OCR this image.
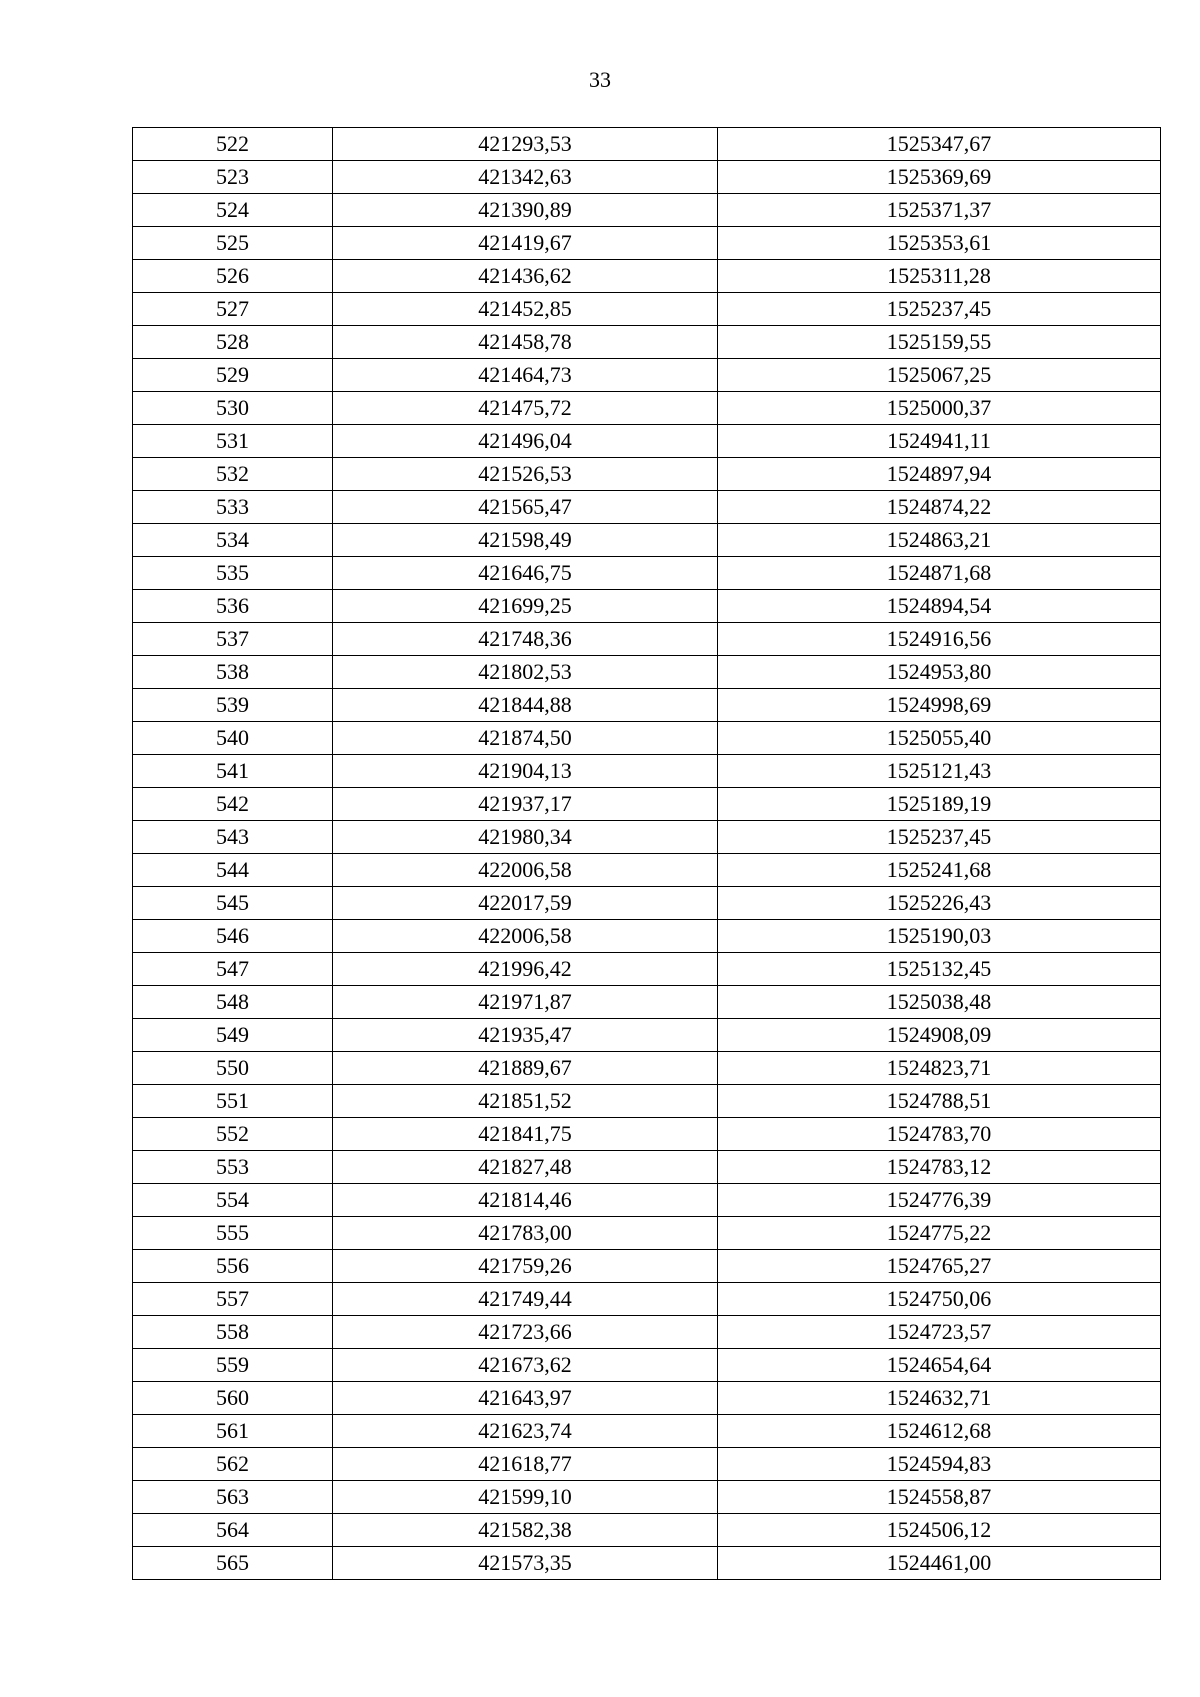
33
522	421293,53	1525347,67
523	421342,63	1525369,69
524	421390,89	1525371,37
525	421419,67	1525353,61
526	421436,62	1525311,28
527	421452,85	1525237,45
528	421458,78	1525159,55
529	421464,73	1525067,25
530	421475,72	1525000,37
531	421496,04	1524941,11
532	421526,53	1524897,94
533	421565,47	1524874,22
534	421598,49	1524863,21
535	421646,75	1524871,68
536	421699,25	1524894,54
537	421748,36	1524916,56
538	421802,53	1524953,80
539	421844,88	1524998,69
540	421874,50	1525055,40
541	421904,13	1525121,43
542	421937,17	1525189,19
543	421980,34	1525237,45
544	422006,58	1525241,68
545	422017,59	1525226,43
546	422006,58	1525190,03
547	421996,42	1525132,45
548	421971,87	1525038,48
549	421935,47	1524908,09
550	421889,67	1524823,71
551	421851,52	1524788,51
552	421841,75	1524783,70
553	421827,48	1524783,12
554	421814,46	1524776,39
555	421783,00	1524775,22
556	421759,26	1524765,27
557	421749,44	1524750,06
558	421723,66	1524723,57
559	421673,62	1524654,64
560	421643,97	1524632,71
561	421623,74	1524612,68
562	421618,77	1524594,83
563	421599,10	1524558,87
564	421582,38	1524506,12
565	421573,35	1524461,00
